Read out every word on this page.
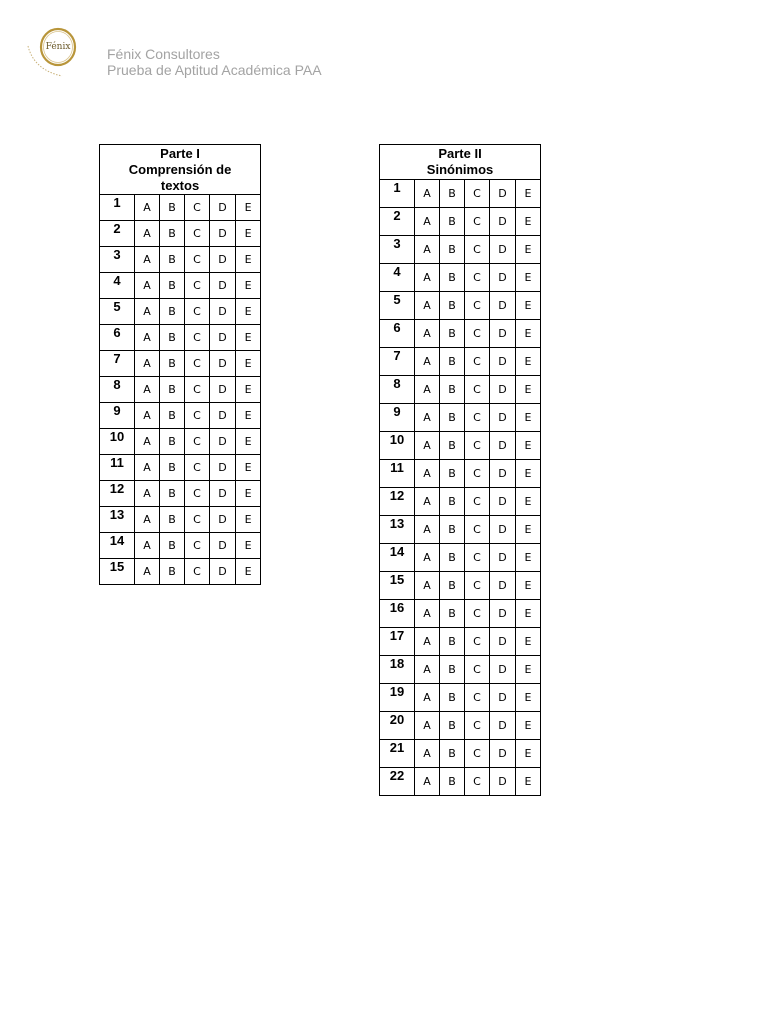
Fénix	Fénix Consultores
Prueba de Aptitud Académica PAA
Parte I
Comprensión de
textos					

1	A	B	C	D	E
2	A	B	C	D	E
3	A	B	C	D	E
4	A	B	C	D	E
5	A	B	C	D	E
6	A	B	C	D	E
7	A	B	C	D	E
8	A	B	C	D	E
9	A	B	C	D	E
10	A	B	C	D	E
11	A	B	C	D	E
12	A	B	C	D	E
13	A	B	C	D	E
14	A	B	C	D	E
15	A	B	C	D	E
Parte II
Sinónimos					

1	A	B	C	D	E
2	A	B	C	D	E
3	A	B	C	D	E
4	A	B	C	D	E
5	A	B	C	D	E
6	A	B	C	D	E
7	A	B	C	D	E
8	A	B	C	D	E
9	A	B	C	D	E
10	A	B	C	D	E
11	A	B	C	D	E
12	A	B	C	D	E
13	A	B	C	D	E
14	A	B	C	D	E
15	A	B	C	D	E
16	A	B	C	D	E
17	A	B	C	D	E
18	A	B	C	D	E
19	A	B	C	D	E
20	A	B	C	D	E
21	A	B	C	D	E
22	A	B	C	D	E
